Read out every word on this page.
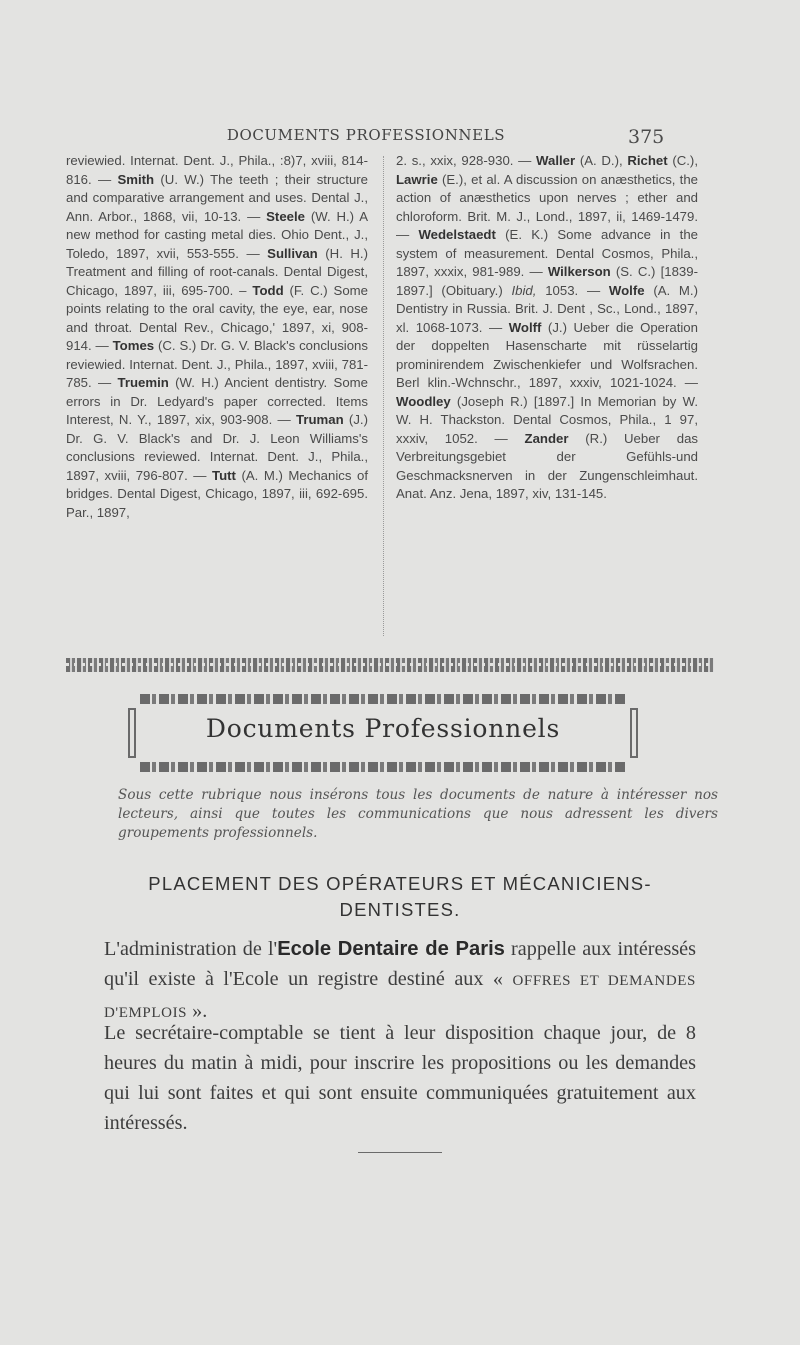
DOCUMENTS PROFESSIONNELS	375
reviewied. Internat. Dent. J., Phila., :8)7, xviii, 814-816. — Smith (U. W.) The teeth ; their structure and comparative arrangement and uses. Dental J., Ann. Arbor., 1868, vii, 10-13. — Steele (W. H.) A new method for casting metal dies. Ohio Dent., J., Toledo, 1897, xvii, 553-555. — Sullivan (H. H.) Treatment and filling of root-canals. Dental Digest, Chicago, 1897, iii, 695-700. – Todd (F. C.) Some points relating to the oral cavity, the eye, ear, nose and throat. Dental Rev., Chicago,' 1897, xi, 908-914. — Tomes (C. S.) Dr. G. V. Black's conclusions reviewied. Internat. Dent. J., Phila., 1897, xviii, 781-785. — Truemin (W. H.) Ancient dentistry. Some errors in Dr. Ledyard's paper corrected. Items Interest, N. Y., 1897, xix, 903-908. — Truman (J.) Dr. G. V. Black's and Dr. J. Leon Williams's conclusions reviewed. Internat. Dent. J., Phila., 1897, xviii, 796-807. — Tutt (A. M.) Mechanics of bridges. Dental Digest, Chicago, 1897, iii, 692-695. Par., 1897,
2. s., xxix, 928-930. — Waller (A. D.), Richet (C.), Lawrie (E.), et al. A discussion on anæsthetics, the action of anæsthetics upon nerves ; ether and chloroform. Brit. M. J., Lond., 1897, ii, 1469-1479. — Wedelstaedt (E. K.) Some advance in the system of measurement. Dental Cosmos, Phila., 1897, xxxix, 981-989. — Wilkerson (S. C.) [1839-1897.] (Obituary.) Ibid, 1053. — Wolfe (A. M.) Dentistry in Russia. Brit. J. Dent , Sc., Lond., 1897, xl. 1068-1073. — Wolff (J.) Ueber die Operation der doppelten Hasenscharte mit rüsselartig prominirendem Zwischenkiefer und Wolfsrachen. Berl klin.-Wchnschr., 1897, xxxiv, 1021-1024. — Woodley (Joseph R.) [1897.] In Memorian by W. W. H. Thackston. Dental Cosmos, Phila., 1 97, xxxiv, 1052. — Zander (R.) Ueber das Verbreitungsgebiet der Gefühls-und Geschmacksnerven in der Zungenschleimhaut. Anat. Anz. Jena, 1897, xiv, 131-145.
Documents Professionnels
Sous cette rubrique nous insérons tous les documents de nature à intéresser nos lecteurs, ainsi que toutes les communications que nous adressent les divers groupements professionnels.
PLACEMENT DES OPÉRATEURS ET MÉCANICIENS-DENTISTES.
L'administration de l'Ecole Dentaire de Paris rappelle aux intéressés qu'il existe à l'Ecole un registre destiné aux « OFFRES ET DEMANDES D'EMPLOIS ».
Le secrétaire-comptable se tient à leur disposition chaque jour, de 8 heures du matin à midi, pour inscrire les propositions ou les demandes qui lui sont faites et qui sont ensuite communiquées gratuitement aux intéressés.
